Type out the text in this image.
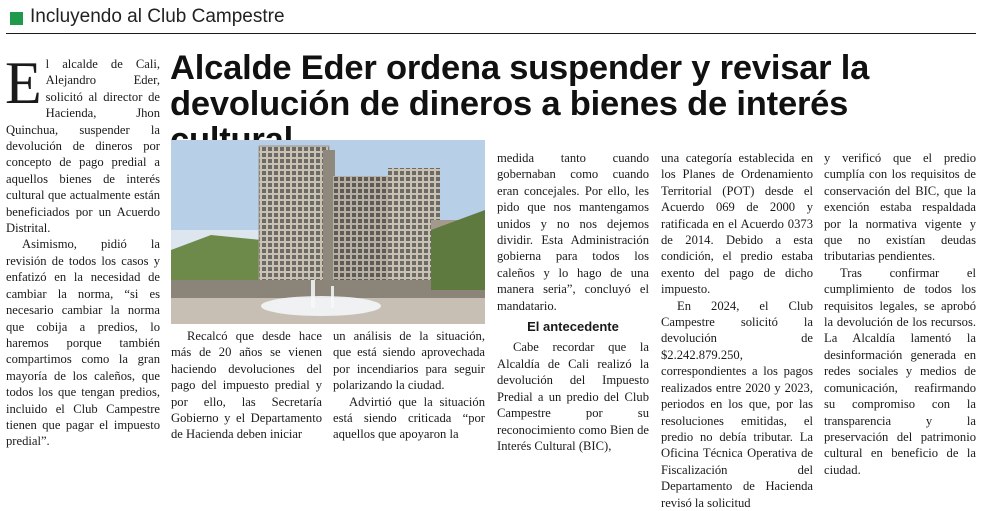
Incluyendo al Club Campestre

El alcalde de Cali, Alejandro Eder, solicitó al director de Hacienda, Jhon Quinchua, suspender la devolución de dineros por concepto de pago predial a aquellos bienes de interés cultural que actualmente están beneficiados por un Acuerdo Distrital.

Asimismo, pidió la revisión de todos los casos y enfatizó en la necesidad de cambiar la norma, “si es necesario cambiar la norma que cobija a predios, lo haremos porque también compartimos como la gran mayoría de los caleños, que todos los que tengan predios, incluido el Club Campestre tienen que pagar el impuesto predial”.

Alcalde Eder ordena suspender y revisar la devolución de dineros a bienes de interés

Recalcó que desde hace más de 20 años se vienen haciendo devoluciones del pago del impuesto predial y por ello, las Secretaría Gobierno y el Departamento de Hacienda deben iniciar

un análisis de la situación, que está siendo aprovechada por incendiarios para seguir polarizando la ciudad.

Advirtió que la situación está siendo criticada “por aquellos que apoyaron la

medida tanto cuando gobernaban como cuando eran concejales. Por ello, les pido que nos mantengamos unidos y no nos dejemos dividir. Esta Administración gobierna para todos los caleños y lo hago de una manera seria”, concluyó el mandatario.

El antecedente

Cabe recordar que la Alcaldía de Cali realizó la devolución del Impuesto Predial a un predio del Club Campestre por su reconocimiento como Bien de Interés Cultural (BIC),

una categoría establecida en los Planes de Ordenamiento Territorial (POT) desde el Acuerdo 069 de 2000 y ratificada en el Acuerdo 0373 de 2014. Debido a esta condición, el predio estaba exento del pago de dicho impuesto.

En 2024, el Club Campestre solicitó la devolución de $2.242.879.250, correspondientes a los pagos realizados entre 2020 y 2023, periodos en los que, por las resoluciones emitidas, el predio no debía tributar. La Oficina Técnica Operativa de Fiscalización del Departamento de Hacienda revisó la solicitud

y verificó que el predio cumplía con los requisitos de conservación del BIC, que la exención estaba respaldada por la normativa vigente y que no existían deudas tributarias pendientes.

Tras confirmar el cumplimiento de todos los requisitos legales, se aprobó la devolución de los recursos. La Alcaldía lamentó la desinformación generada en redes sociales y medios de comunicación, reafirmando su compromiso con la transparencia y la preservación del patrimonio cultural en beneficio de la ciudad.
